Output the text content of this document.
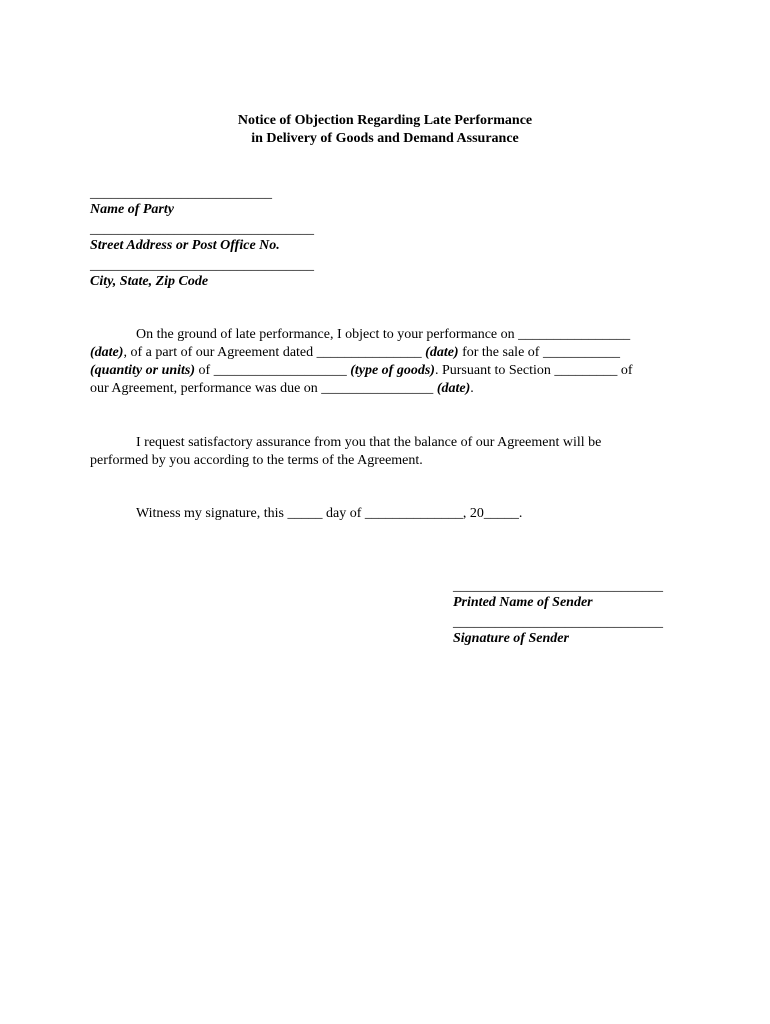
Notice of Objection Regarding Late Performance
in Delivery of Goods and Demand Assurance
__________________________
Name of Party
________________________________
Street Address or Post Office No.
________________________________
City, State, Zip Code
On the ground of late performance, I object to your performance on ________________
(date), of a part of our Agreement dated _______________ (date) for the sale of ___________
(quantity or units) of ___________________ (type of goods). Pursuant to Section _________ of
our Agreement, performance was due on ________________ (date).
I request satisfactory assurance from you that the balance of our Agreement will be
performed by you according to the terms of the Agreement.
Witness my signature, this _____ day of ______________, 20_____.
______________________________
Printed Name of Sender
______________________________
Signature of Sender
